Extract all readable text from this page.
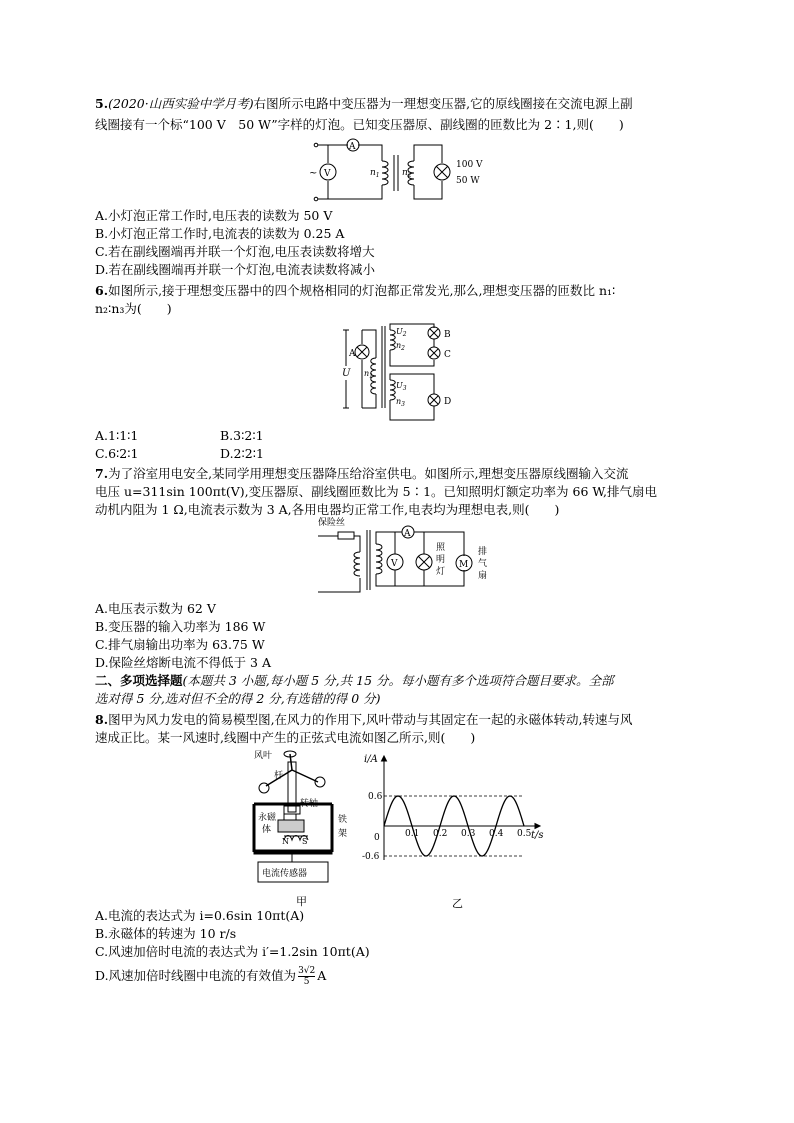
5.(2020·山西实验中学月考)右图所示电路中变压器为一理想变压器,它的原线圈接在交流电源上副
线圈接有一个标“100 V　50 W”字样的灯泡。已知变压器原、副线圈的匝数比为 2∶1,则(　　)
A
V
~	$n_1$ $n_2$
100 V
50 W
A.小灯泡正常工作时,电压表的读数为 50 V
B.小灯泡正常工作时,电流表的读数为 0.25 A
C.若在副线圈端再并联一个灯泡,电压表读数将增大
D.若在副线圈端再并联一个灯泡,电流表读数将减小
6.如图所示,接于理想变压器中的四个规格相同的灯泡都正常发光,那么,理想变压器的匝数比 n₁∶
n₂∶n₃为(　　)
U
A
B
C
D
$U_2$
$n_2$
$n_1$
$U_3$
$n_3$
A.1∶1∶1	B.3∶2∶1
C.6∶2∶1	D.2∶2∶1
7.为了浴室用电安全,某同学用理想变压器降压给浴室供电。如图所示,理想变压器原线圈输入交流
电压 u=311sin 100πt(V),变压器原、副线圈匝数比为 5∶1。已知照明灯额定功率为 66 W,排气扇电
动机内阻为 1 Ω,电流表示数为 3 A,各用电器均正常工作,电表均为理想电表,则(　　)
保险丝
A
V	M
照
明
灯
排
气
扇
A.电压表示数为 62 V
B.变压器的输入功率为 186 W
C.排气扇输出功率为 63.75 W
D.保险丝熔断电流不得低于 3 A
二、多项选择题(本题共 3 小题,每小题 5 分,共 15 分。每小题有多个选项符合题目要求。全部
选对得 5 分,选对但不全的得 2 分,有选错的得 0 分)
8.图甲为风力发电的简易模型图,在风力的作用下,风叶带动与其固定在一起的永磁体转动,转速与风
速成正比。某一风速时,线圈中产生的正弦式电流如图乙所示,则(　　)
风叶
杆
转轴
永磁
体
铁
架
N S
电流传感器
甲
0.6
-0.6
0.1 0.2 0.3 0.4 0.5
i/A
t/s
0
乙
A.电流的表达式为 i=0.6sin 10πt(A)
B.永磁体的转速为 10 r/s
C.风速加倍时电流的表达式为 i′=1.2sin 10πt(A)
D.风速加倍时线圈中电流的有效值为 $\frac{3√2}{5}$ A
